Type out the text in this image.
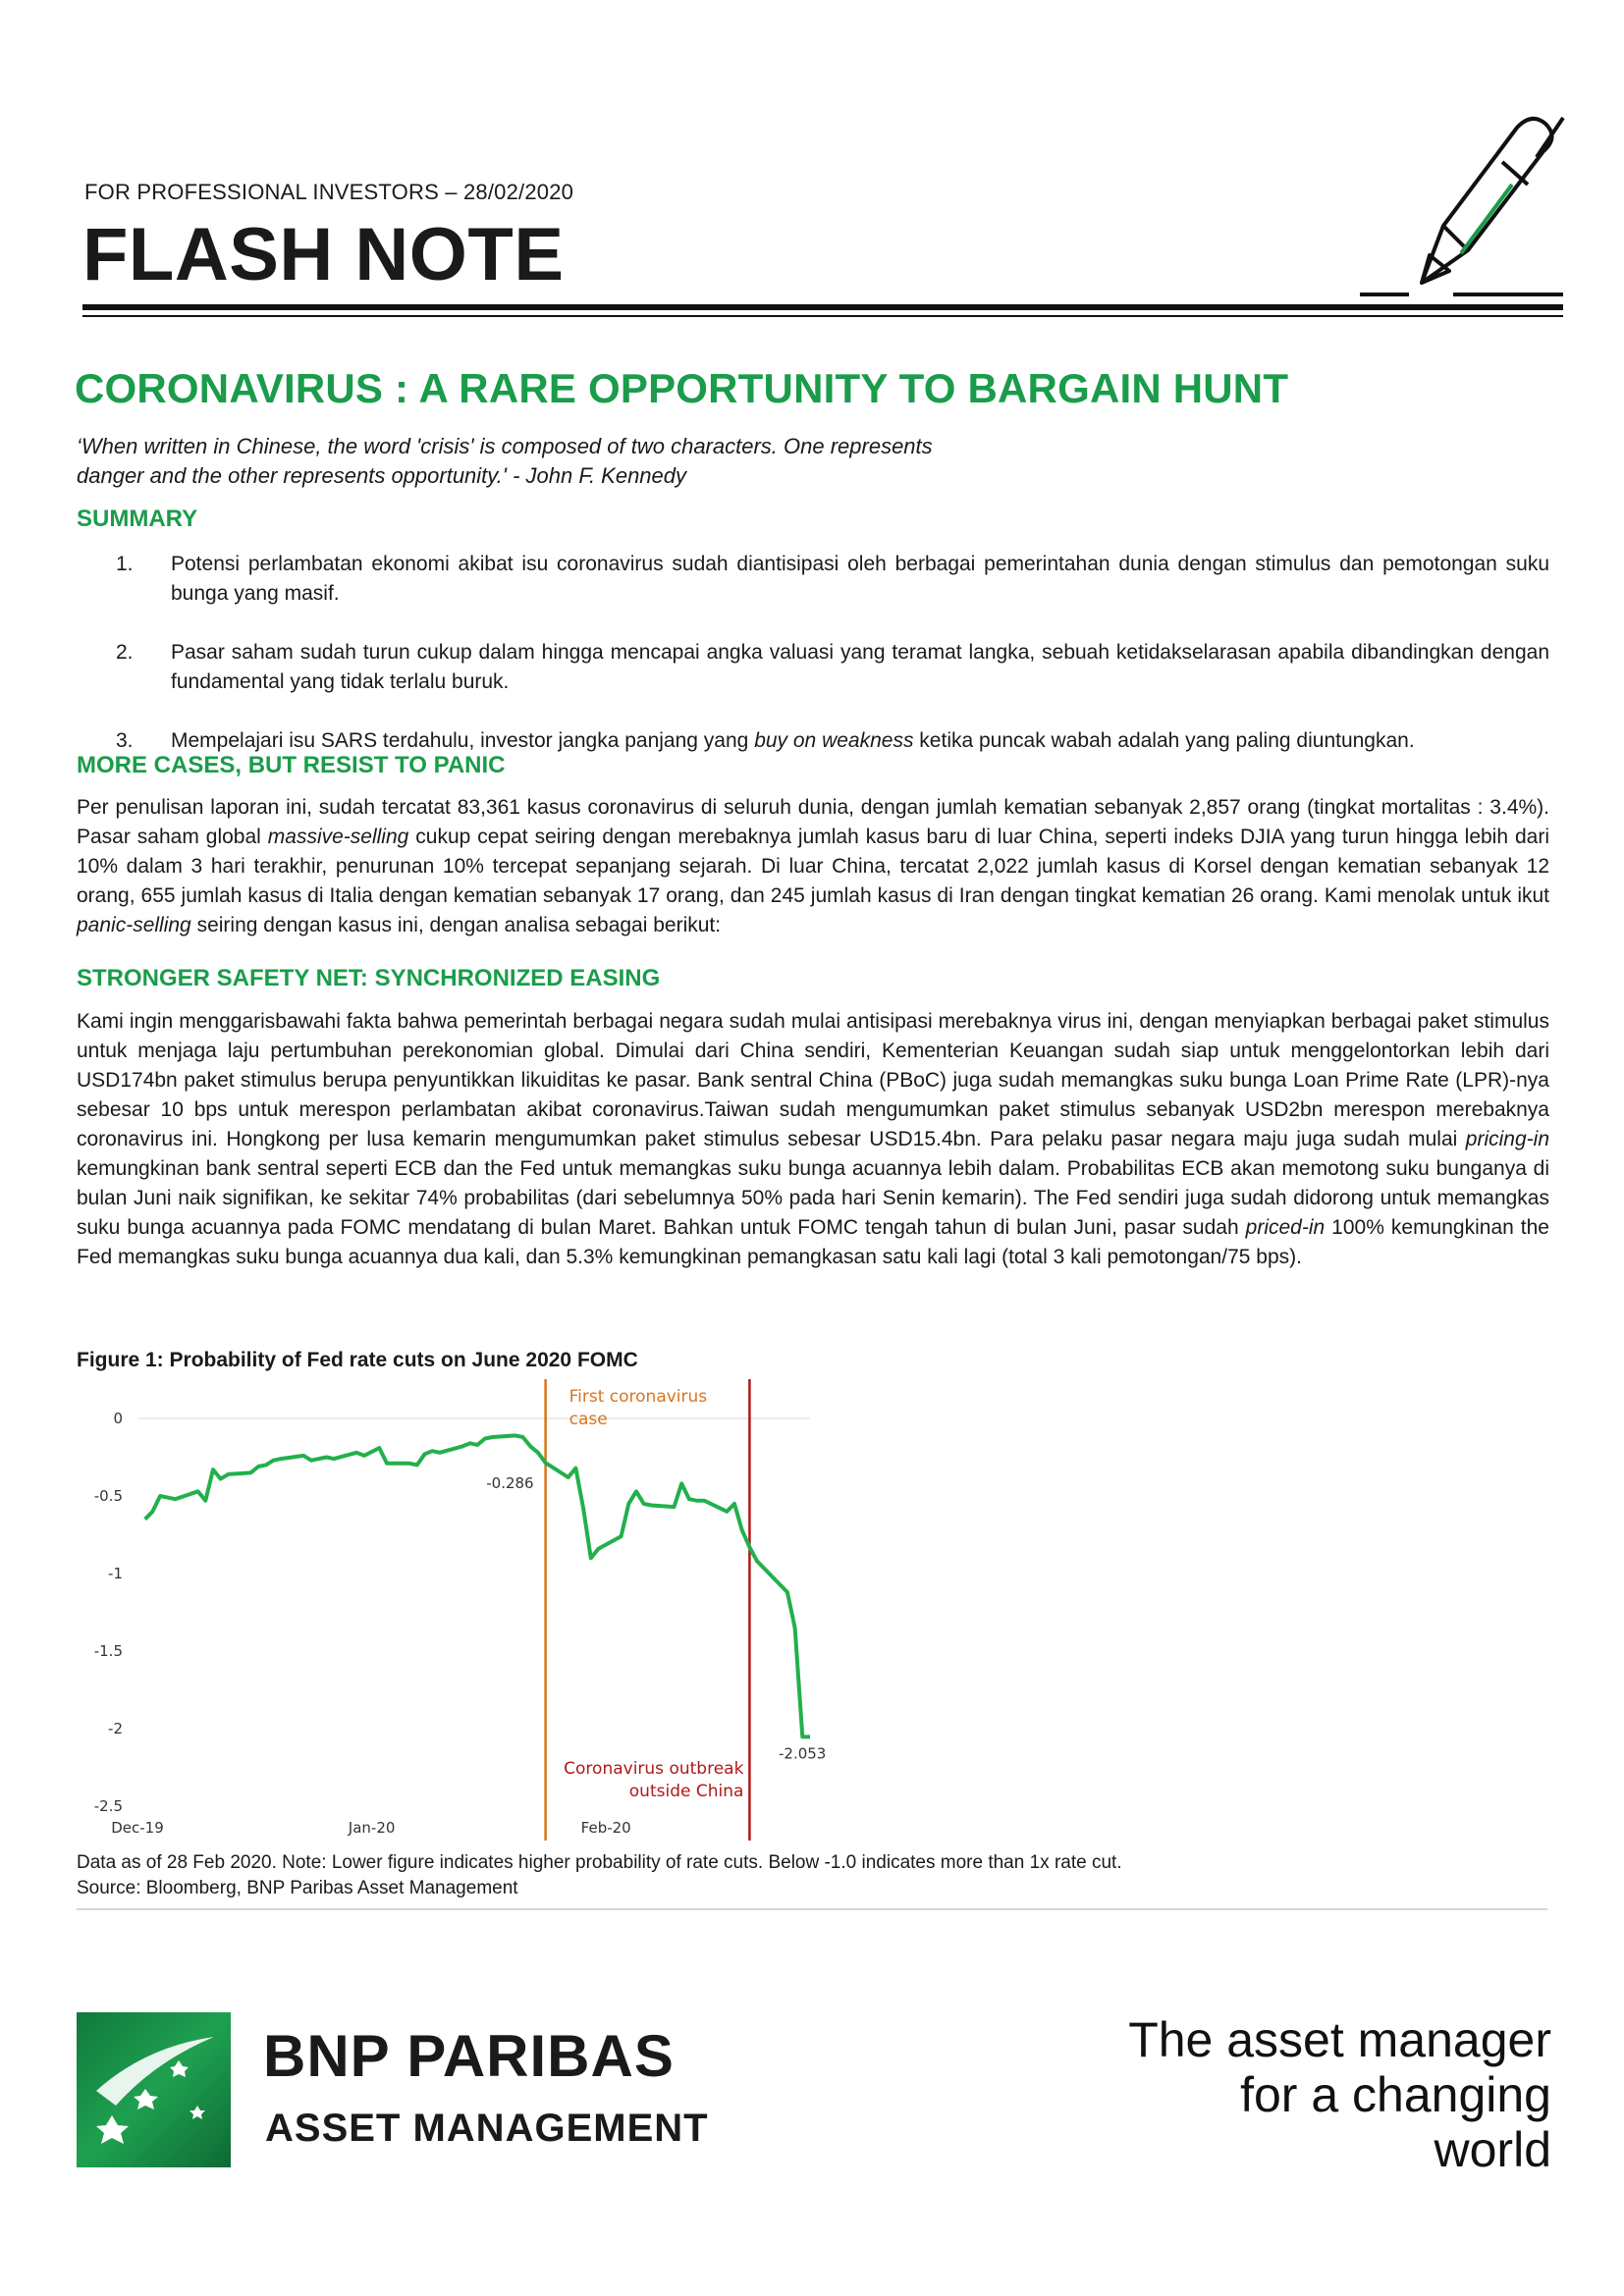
FOR PROFESSIONAL INVESTORS – 28/02/2020
FLASH NOTE
CORONAVIRUS : A RARE OPPORTUNITY TO BARGAIN HUNT
‘When written in Chinese, the word 'crisis' is composed of two characters. One represents
danger and the other represents opportunity.' - John F. Kennedy
SUMMARY
1. Potensi perlambatan ekonomi akibat isu coronavirus sudah diantisipasi oleh berbagai pemerintahan dunia dengan stimulus dan pemotongan suku bunga yang masif.
2. Pasar saham sudah turun cukup dalam hingga mencapai angka valuasi yang teramat langka, sebuah ketidakselarasan apabila dibandingkan dengan fundamental yang tidak terlalu buruk.
3. Mempelajari isu SARS terdahulu, investor jangka panjang yang buy on weakness ketika puncak wabah adalah yang paling diuntungkan.
MORE CASES, BUT RESIST TO PANIC
Per penulisan laporan ini, sudah tercatat 83,361 kasus coronavirus di seluruh dunia, dengan jumlah kematian sebanyak 2,857 orang (tingkat mortalitas : 3.4%). Pasar saham global massive-selling cukup cepat seiring dengan merebaknya jumlah kasus baru di luar China, seperti indeks DJIA yang turun hingga lebih dari 10% dalam 3 hari terakhir, penurunan 10% tercepat sepanjang sejarah. Di luar China, tercatat 2,022 jumlah kasus di Korsel dengan kematian sebanyak 12 orang, 655 jumlah kasus di Italia dengan kematian sebanyak 17 orang, dan 245 jumlah kasus di Iran dengan tingkat kematian 26 orang. Kami menolak untuk ikut panic-selling seiring dengan kasus ini, dengan analisa sebagai berikut:
STRONGER SAFETY NET: SYNCHRONIZED EASING
Kami ingin menggarisbawahi fakta bahwa pemerintah berbagai negara sudah mulai antisipasi merebaknya virus ini, dengan menyiapkan berbagai paket stimulus untuk menjaga laju pertumbuhan perekonomian global. Dimulai dari China sendiri, Kementerian Keuangan sudah siap untuk menggelontorkan lebih dari USD174bn paket stimulus berupa penyuntikkan likuiditas ke pasar. Bank sentral China (PBoC) juga sudah memangkas suku bunga Loan Prime Rate (LPR)-nya sebesar 10 bps untuk merespon perlambatan akibat coronavirus.Taiwan sudah mengumumkan paket stimulus sebanyak USD2bn merespon merebaknya coronavirus ini. Hongkong per lusa kemarin mengumumkan paket stimulus sebesar USD15.4bn. Para pelaku pasar negara maju juga sudah mulai pricing-in kemungkinan bank sentral seperti ECB dan the Fed untuk memangkas suku bunga acuannya lebih dalam. Probabilitas ECB akan memotong suku bunganya di bulan Juni naik signifikan, ke sekitar 74% probabilitas (dari sebelumnya 50% pada hari Senin kemarin). The Fed sendiri juga sudah didorong untuk memangkas suku bunga acuannya pada FOMC mendatang di bulan Maret. Bahkan untuk FOMC tengah tahun di bulan Juni, pasar sudah priced-in 100% kemungkinan the Fed memangkas suku bunga acuannya dua kali, dan 5.3% kemungkinan pemangkasan satu kali lagi (total 3 kali pemotongan/75 bps).
Figure 1: Probability of Fed rate cuts on June 2020 FOMC
0
-0.5
-1
-1.5
-2
-2.5
Dec-19	Jan-20	Feb-20
First coronavirus
case
Coronavirus outbreak
outside China
-0.286
-2.053
Data as of 28 Feb 2020. Note: Lower figure indicates higher probability of rate cuts. Below -1.0 indicates more than 1x rate cut.
Source: Bloomberg, BNP Paribas Asset Management
BNP PARIBAS
ASSET MANAGEMENT
The asset manager
for a changing
world
